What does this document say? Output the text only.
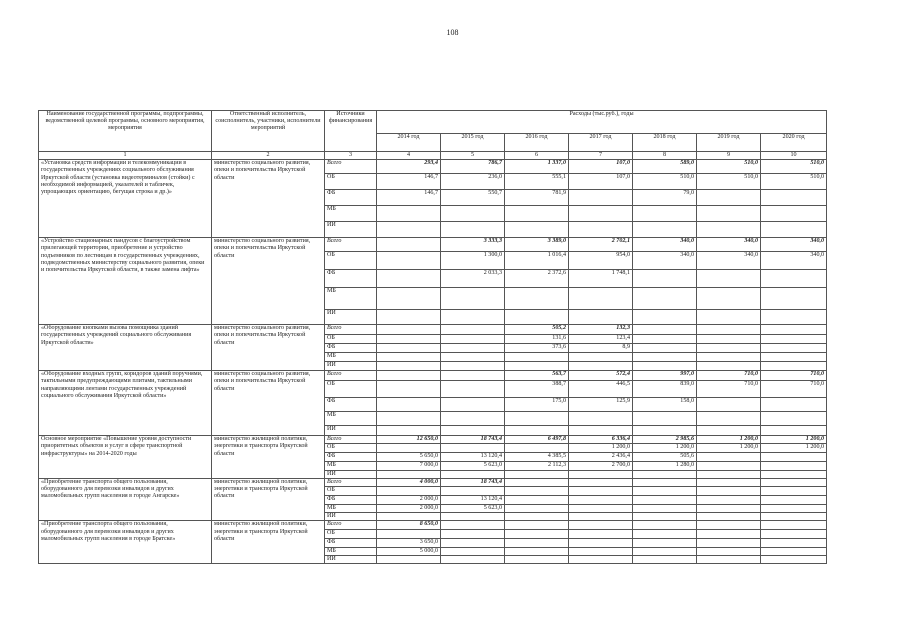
108
Наименование государственной программы, подпрограммы, ведомственной целевой программы, основного мероприятия, мероприятия	Ответственный исполнитель, соисполнитель, участники, исполнители мероприятий	Источники финансирования	Расходы (тыс.руб.), годы						
			2014 год	2015 год	2016 год	2017 год	2018 год	2019 год	2020 год
1	2	3	4	5	6	7	8	9	10
«Установка средств информации и телекоммуникации в государственных учреждениях социального обслуживания Иркутской области (установка видеотерминалов (стойки) с необходимой информацией, указателей и табличек, упрощающих ориентацию, бегущая строка и др.)»	министерство социального развития, опеки и попечительства Иркутской области	Всего	293,4	786,7	1 337,0	107,0	589,0	510,0	510,0
		ОБ	146,7	236,0	555,1	107,0	510,0	510,0	510,0
		ФБ	146,7	550,7	781,9		79,0		
		МБ							
		ИИ							
«Устройство стационарных пандусов с благоустройством прилегающей территории, приобретение и устройство подъемников по лестницам в государственных учреждениях, подведомственных министерству социального развития, опеки и попечительства Иркутской области, в также замена лифта»	министерство социального развития, опеки и попечительства Иркутской области	Всего		3 333,3	3 389,0	2 702,1	340,0	340,0	340,0
		ОБ		1 300,0	1 016,4	954,0	340,0	340,0	340,0
		ФБ		2 033,3	2 372,6	1 748,1			
		МБ							
		ИИ							
«Оборудование кнопками вызова помощника зданий государственных учреждений социального обслуживания Иркутской области»	министерство социального развития, опеки и попечительства Иркутской области	Всего			505,2	132,3			
		ОБ			131,6	123,4			
		ФБ			373,6	8,9			
		МБ							
		ИИ							
«Оборудование входных групп, коридоров зданий поручнями, тактильными предупреждающими плитами, тактильными направляющими лентами государственных учреждений социального обслуживания Иркутской области»	министерство социального развития, опеки и попечительства Иркутской области	Всего			563,7	572,4	997,0	710,0	710,0
		ОБ			388,7	446,5	839,0	710,0	710,0
		ФБ			175,0	125,9	158,0		
		МБ							
		ИИ							
Основное мероприятие «Повышение уровня доступности приоритетных объектов и услуг в сфере транспортной инфраструктуры» на 2014-2020 годы	министерство жилищной политики, энергетики и транспорта Иркутской области	Всего	12 650,0	18 743,4	6 497,8	6 336,4	2 985,6	1 200,0	1 200,0
		ОБ				1 200,0	1 200,0	1 200,0	1 200,0
		ФБ	5 650,0	13 120,4	4 385,5	2 436,4	505,6		
		МБ	7 000,0	5 623,0	2 112,3	2 700,0	1 280,0		
		ИИ							
«Приобретение транспорта общего пользования, оборудованного для перевозки инвалидов и других маломобильных групп населения в городе Ангарске»	министерство жилищной политики, энергетики и транспорта Иркутской области	Всего	4 000,0	18 743,4					
		ОБ							
		ФБ	2 000,0	13 120,4					
		МБ	2 000,0	5 623,0					
		ИИ							
«Приобретение транспорта общего пользования, оборудованного для перевозки инвалидов и других маломобильных групп населения в городе Братске»	министерство жилищной политики, энергетики и транспорта Иркутской области	Всего	8 650,0						
		ОБ							
		ФБ	3 650,0						
		МБ	5 000,0						
		ИИ							
